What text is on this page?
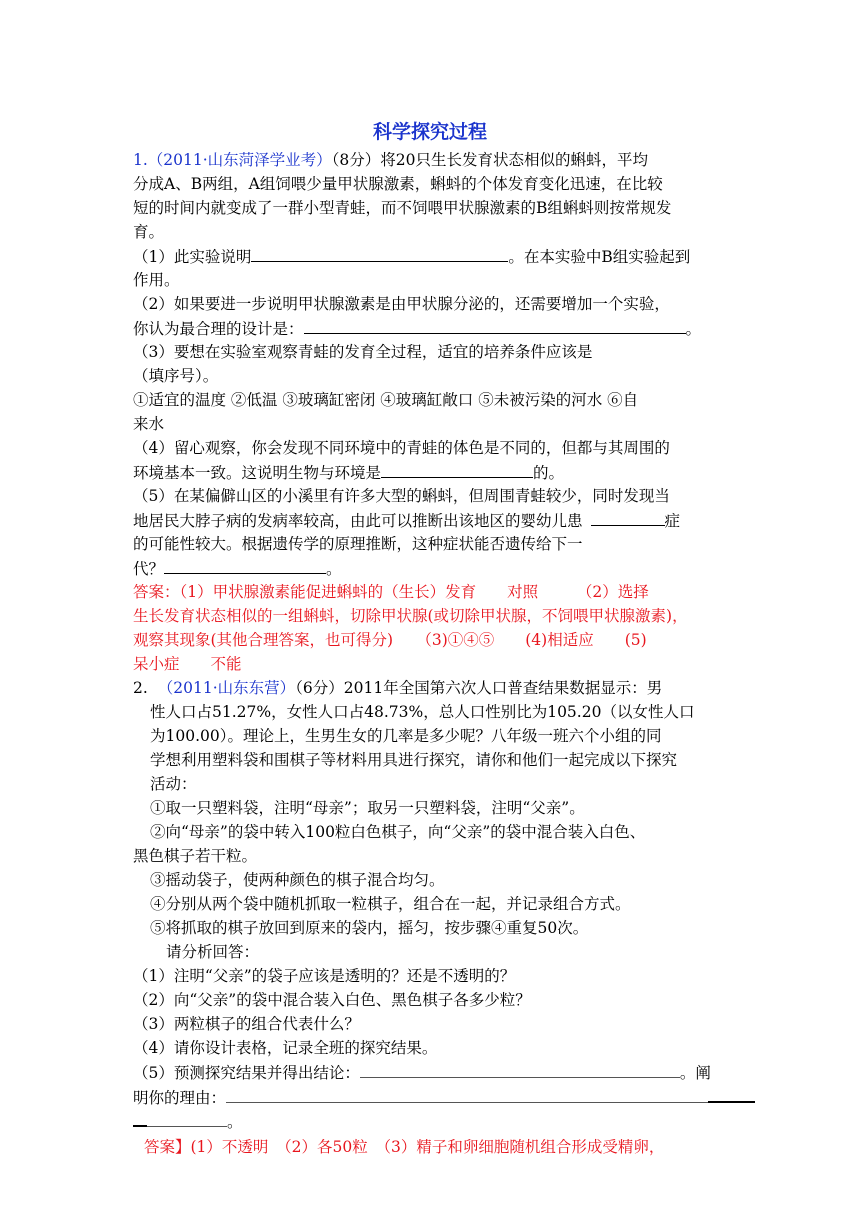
科学探究过程
1.（2011·山东菏泽学业考）（8分）将20只生长发育状态相似的蝌蚪，平均
分成A、B两组，A组饲喂少量甲状腺激素，蝌蚪的个体发育变化迅速，在比较
短的时间内就变成了一群小型青蛙，而不饲喂甲状腺激素的B组蝌蚪则按常规发
育。
（1）此实验说明	。在本实验中B组实验起到
作用。
（2）如果要进一步说明甲状腺激素是由甲状腺分泌的，还需要增加一个实验，
你认为最合理的设计是：	。
（3）要想在实验室观察青蛙的发育全过程，适宜的培养条件应该是
（填序号）。
①适宜的温度 ②低温 ③玻璃缸密闭 ④玻璃缸敞口 ⑤未被污染的河水 ⑥自
来水
（4）留心观察，你会发现不同环境中的青蛙的体色是不同的，但都与其周围的
环境基本一致。这说明生物与环境是	的。
（5）在某偏僻山区的小溪里有许多大型的蝌蚪，但周围青蛙较少，同时发现当
地居民大脖子病的发病率较高，由此可以推断出该地区的婴幼儿患	症
的可能性较大。根据遗传学的原理推断，这种症状能否遗传给下一
代？	。
答案：（1）甲状腺激素能促进蝌蚪的（生长）发育　　对照　　　（2）选择
生长发育状态相似的一组蝌蚪，切除甲状腺(或切除甲状腺，不饲喂甲状腺激素)，
观察其现象(其他合理答案，也可得分)　　（3)①④⑤　　(4)相适应　　(5)
呆小症　　不能
2. （2011·山东东营）（6分）2011年全国第六次人口普查结果数据显示：男
性人口占51.27%，女性人口占48.73%，总人口性别比为105.20（以女性人口
为100.00）。理论上，生男生女的几率是多少呢？八年级一班六个小组的同
学想利用塑料袋和围棋子等材料用具进行探究，请你和他们一起完成以下探究
活动：
①取一只塑料袋，注明“母亲”；取另一只塑料袋，注明“父亲”。
②向“母亲”的袋中转入100粒白色棋子，向“父亲”的袋中混合装入白色、
黑色棋子若干粒。
③摇动袋子，使两种颜色的棋子混合均匀。
④分别从两个袋中随机抓取一粒棋子，组合在一起，并记录组合方式。
⑤将抓取的棋子放回到原来的袋内，摇匀，按步骤④重复50次。
请分析回答：
（1）注明“父亲”的袋子应该是透明的？还是不透明的？
（2）向“父亲”的袋中混合装入白色、黑色棋子各多少粒？
（3）两粒棋子的组合代表什么？
（4）请你设计表格，记录全班的探究结果。
（5）预测探究结果并得出结论：	。阐
明你的理由：
。
答案】(1）不透明　（2）各50粒　（3）精子和卵细胞随机组合形成受精卵，
